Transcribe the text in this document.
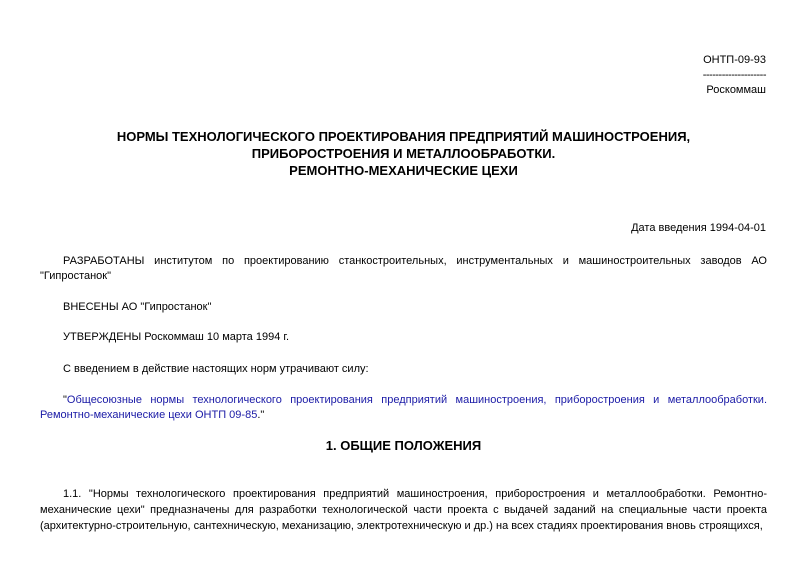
ОНТП-09-93
--------------------
Роскоммаш
НОРМЫ ТЕХНОЛОГИЧЕСКОГО ПРОЕКТИРОВАНИЯ ПРЕДПРИЯТИЙ МАШИНОСТРОЕНИЯ,
ПРИБОРОСТРОЕНИЯ И МЕТАЛЛООБРАБОТКИ.
РЕМОНТНО-МЕХАНИЧЕСКИЕ ЦЕХИ
Дата введения 1994-04-01

РАЗРАБОТАНЫ институтом по проектированию станкостроительных, инструментальных и машиностроительных заводов АО "Гипростанок"

ВНЕСЕНЫ АО "Гипростанок"

УТВЕРЖДЕНЫ Роскоммаш 10 марта 1994 г.

С введением в действие настоящих норм утрачивают силу:

"Общесоюзные нормы технологического проектирования предприятий машиностроения, приборостроения и металлообработки. Ремонтно-механические цехи ОНТП 09-85."

1. ОБЩИЕ ПОЛОЖЕНИЯ

1.1. "Нормы технологического проектирования предприятий машиностроения, приборостроения и металлообработки. Ремонтно-механические цехи" предназначены для разработки технологической части проекта с выдачей заданий на специальные части проекта (архитектурно-строительную, сантехническую, механизацию, электротехническую и др.) на всех стадиях проектирования вновь строящихся,
